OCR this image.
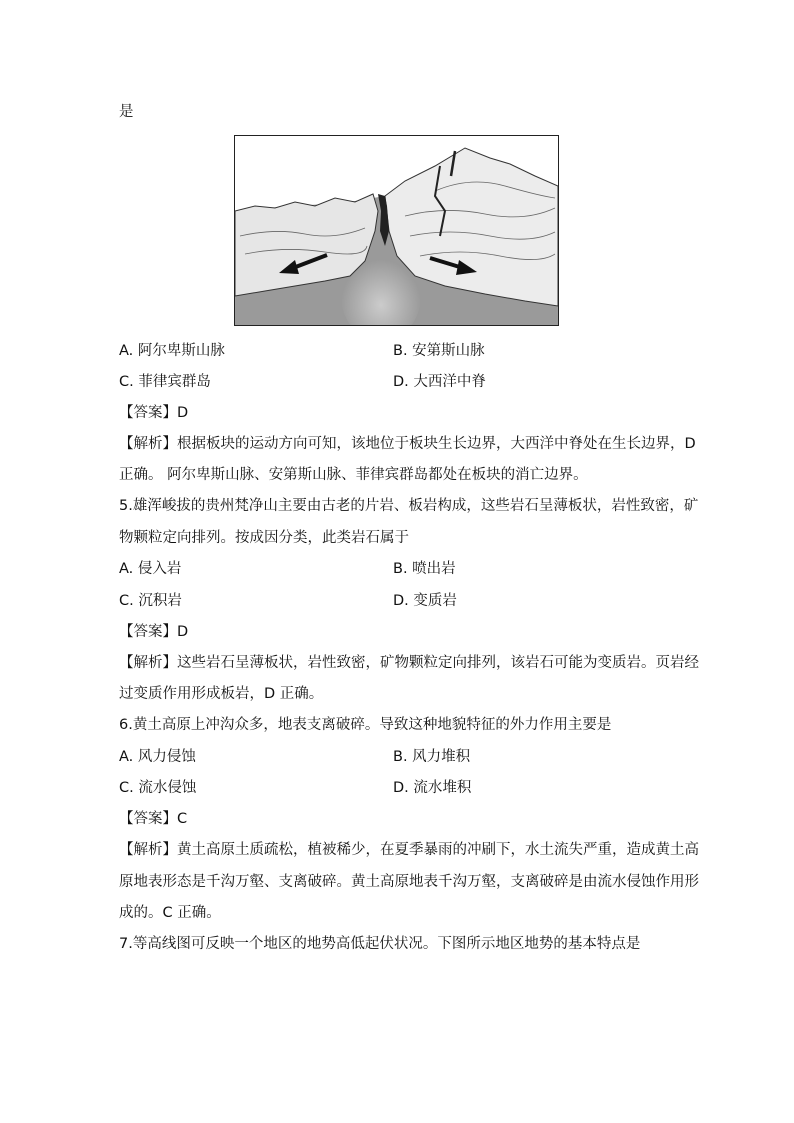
是
A. 阿尔卑斯山脉	B. 安第斯山脉
C. 菲律宾群岛	D. 大西洋中脊
【答案】D
【解析】根据板块的运动方向可知，该地位于板块生长边界，大西洋中脊处在生长边界，D
正确。 阿尔卑斯山脉、安第斯山脉、菲律宾群岛都处在板块的消亡边界。
5.雄浑峻拔的贵州梵净山主要由古老的片岩、板岩构成，这些岩石呈薄板状，岩性致密，矿
物颗粒定向排列。按成因分类，此类岩石属于
A. 侵入岩	B. 喷出岩
C. 沉积岩	D. 变质岩
【答案】D
【解析】这些岩石呈薄板状，岩性致密，矿物颗粒定向排列，该岩石可能为变质岩。页岩经
过变质作用形成板岩，D 正确。
6.黄土高原上冲沟众多，地表支离破碎。导致这种地貌特征的外力作用主要是
A. 风力侵蚀	B. 风力堆积
C. 流水侵蚀	D. 流水堆积
【答案】C
【解析】黄土高原土质疏松，植被稀少，在夏季暴雨的冲刷下，水土流失严重，造成黄土高
原地表形态是千沟万壑、支离破碎。黄土高原地表千沟万壑，支离破碎是由流水侵蚀作用形
成的。C 正确。
7.等高线图可反映一个地区的地势高低起伏状况。下图所示地区地势的基本特点是
